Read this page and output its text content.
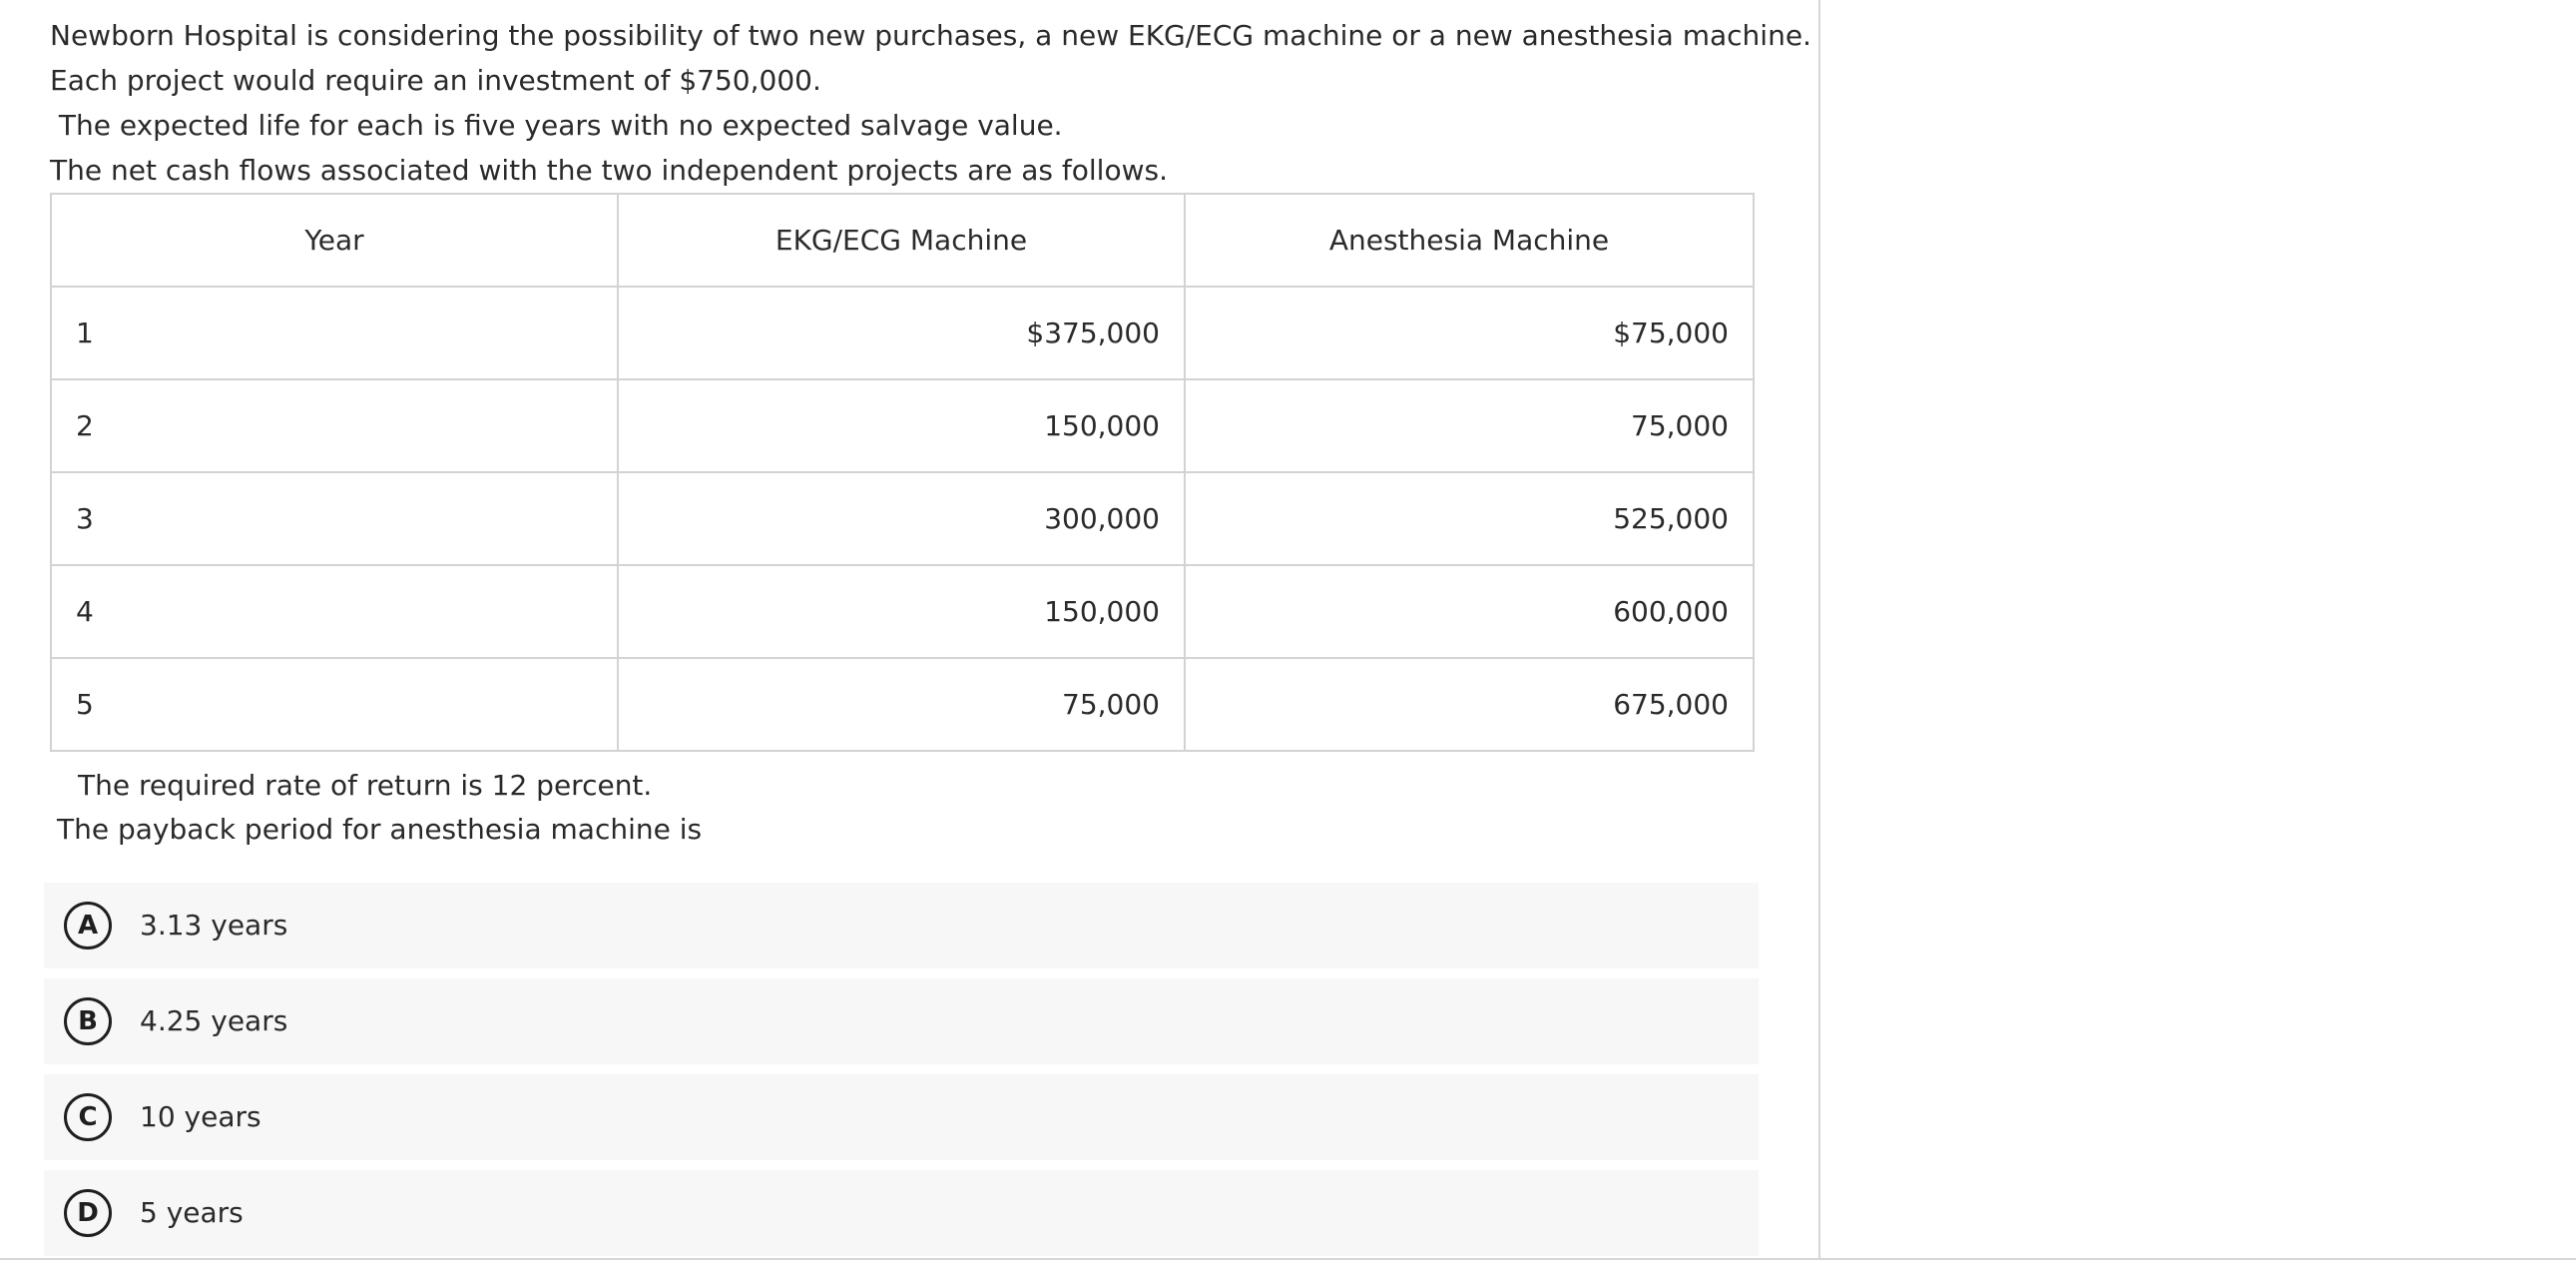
Newborn Hospital is considering the possibility of two new purchases, a new EKG/ECG machine or a new anesthesia machine.
Each project would require an investment of $750,000.
The expected life for each is five years with no expected salvage value.
The net cash flows associated with the two independent projects are as follows.
Year	EKG/ECG Machine	Anesthesia Machine
1	$375,000	$75,000
2	150,000	75,000
3	300,000	525,000
4	150,000	600,000
5	75,000	675,000
The required rate of return is 12 percent.
The payback period for anesthesia machine is
A	3.13 years
B	4.25 years
C	10 years
D	5 years
